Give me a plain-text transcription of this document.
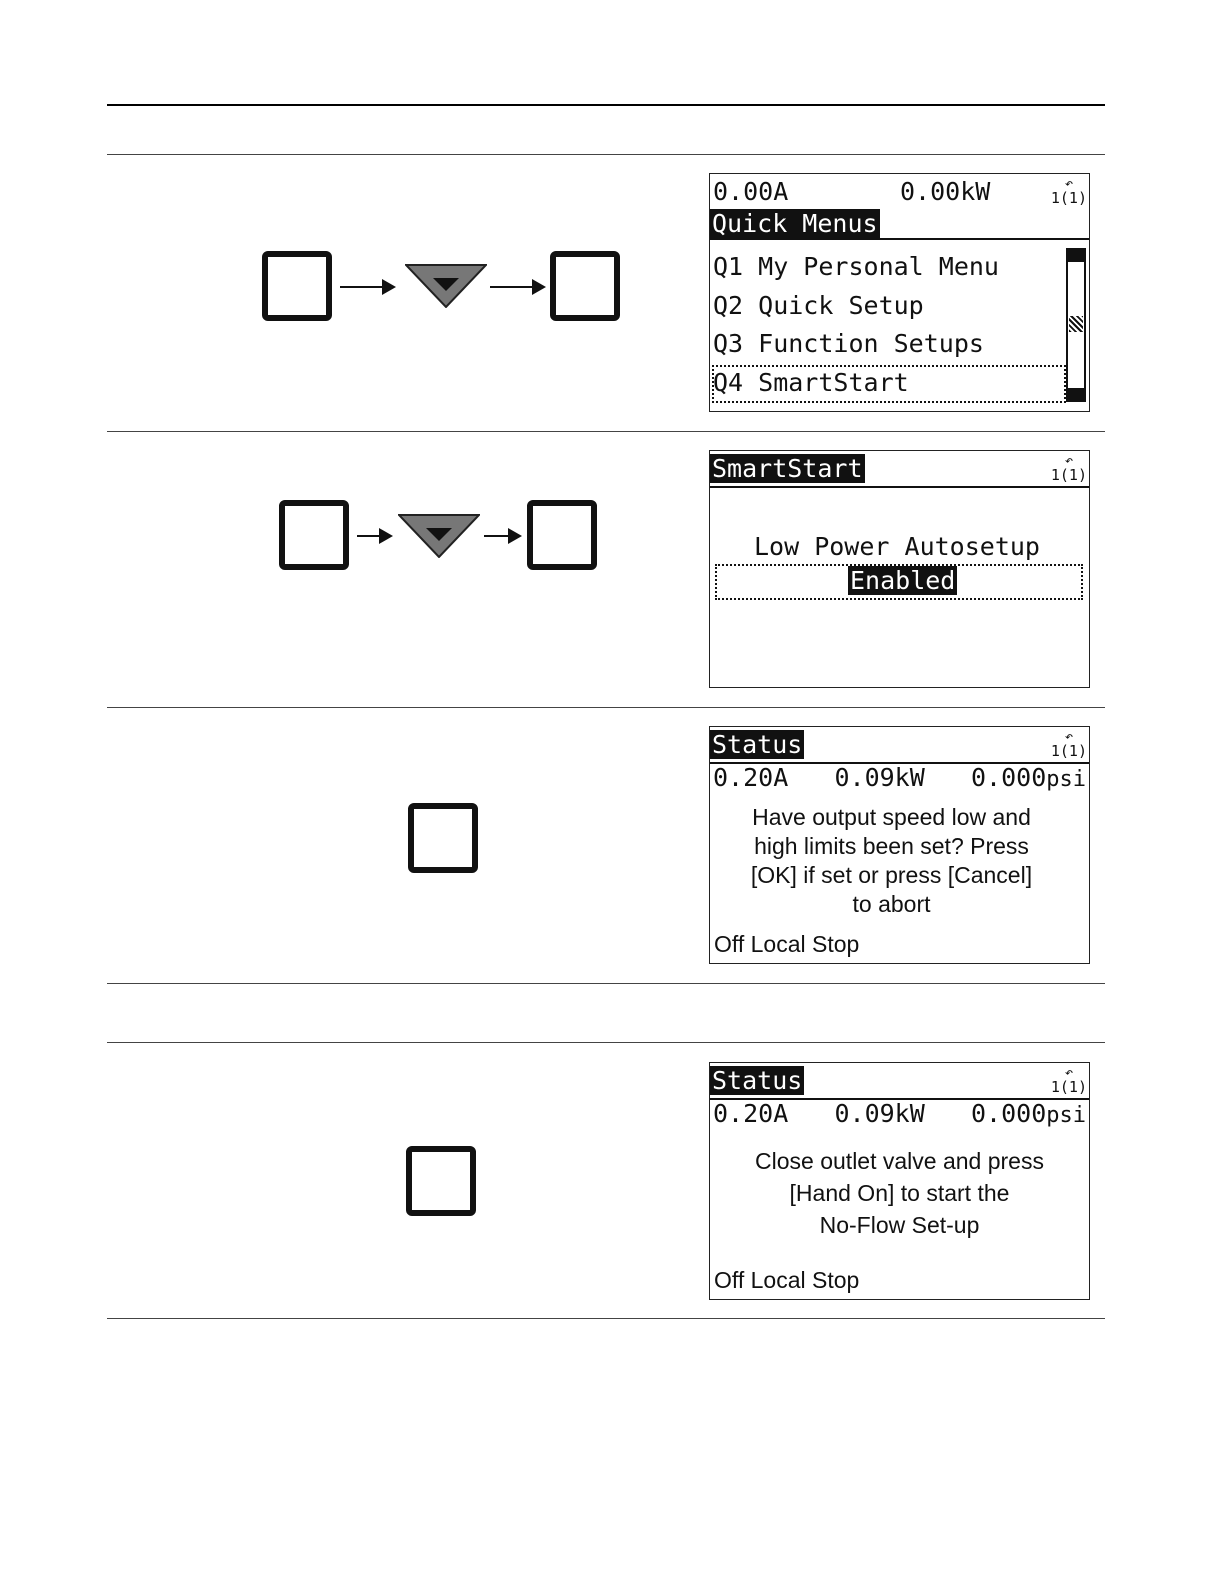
0.00A	0.00kW	↶
1(1)
Quick Menus
Q1 My Personal Menu
Q2 Quick Setup
Q3 Function Setups
Q4 SmartStart
SmartStart	↶
1(1)
Low Power Autosetup
Enabled
Status	↶
1(1)
0.20A 0.09kW 0.000psi
Have output speed low and
high limits been set? Press
[OK] if set or press [Cancel]
to abort
Off Local Stop
Status	↶
1(1)
0.20A 0.09kW 0.000psi
Close outlet valve and press
[Hand On] to start the
No-Flow Set-up
Off Local Stop
